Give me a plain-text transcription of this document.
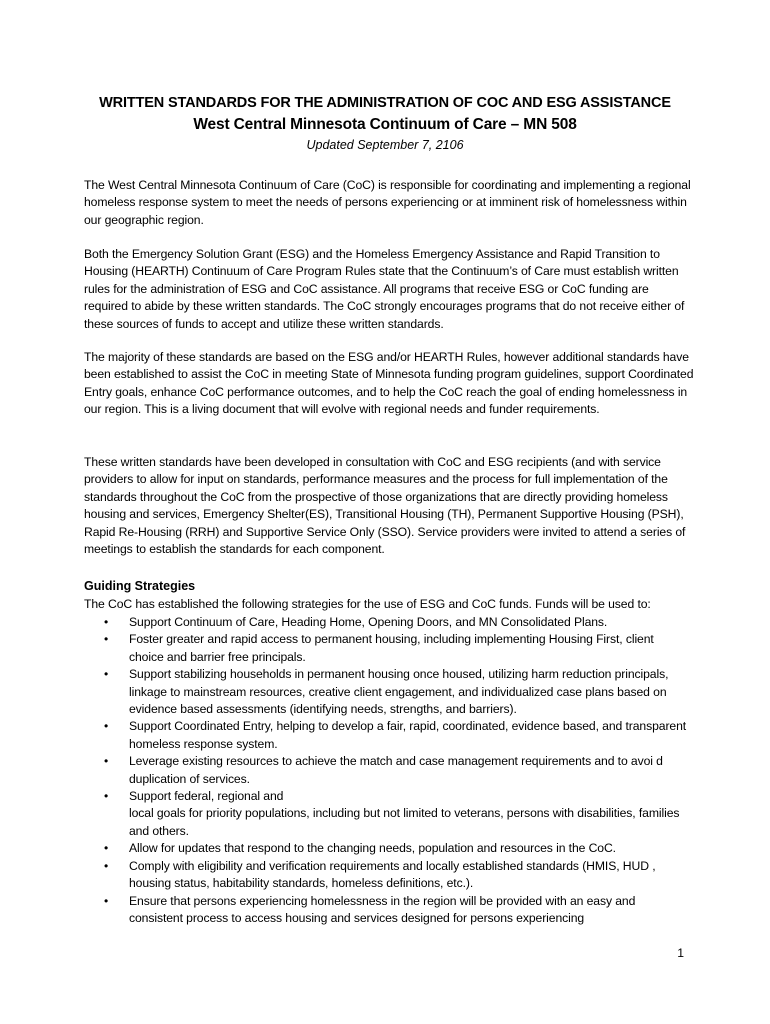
WRITTEN STANDARDS FOR THE ADMINISTRATION OF COC AND ESG ASSISTANCE
West Central Minnesota Continuum of Care – MN 508
Updated September 7, 2106
The West Central Minnesota Continuum of Care (CoC) is responsible for coordinating and implementing a regional homeless response system to meet the needs of persons experiencing or at imminent risk of homelessness within our geographic region.
Both the Emergency Solution Grant (ESG) and the Homeless Emergency Assistance and Rapid Transition to Housing (HEARTH) Continuum of Care Program Rules state that the Continuum’s of Care must establish written rules for the administration of ESG and CoC assistance. All programs that receive ESG or CoC funding are required to abide by these written standards. The CoC strongly encourages programs that do not receive either of these sources of funds to accept and utilize these written standards.
The majority of these standards are based on the ESG and/or HEARTH Rules, however additional standards have been established to assist the CoC in meeting State of Minnesota funding program guidelines, support Coordinated Entry goals, enhance CoC performance outcomes, and to help the CoC reach the goal of ending homelessness in our region. This is a living document that will evolve with regional needs and funder requirements.
These written standards have been developed in consultation with CoC and ESG recipients (and with service providers to allow for input on standards, performance measures and the process for full implementation of the standards throughout the CoC from the prospective of those organizations that are directly providing homeless housing and services, Emergency Shelter(ES), Transitional Housing (TH), Permanent Supportive Housing (PSH), Rapid Re-Housing (RRH) and Supportive Service Only (SSO). Service providers were invited to attend a series of meetings to establish the standards for each component.
Guiding Strategies
The CoC has established the following strategies for the use of ESG and CoC funds. Funds will be used to:
• Support Continuum of Care, Heading Home, Opening Doors, and MN Consolidated Plans.
• Foster greater and rapid access to permanent housing, including implementing Housing First, client choice and barrier free principals.
• Support stabilizing households in permanent housing once housed, utilizing harm reduction principals, linkage to mainstream resources, creative client engagement, and individualized case plans based on evidence based assessments (identifying needs, strengths, and barriers).
• Support Coordinated Entry, helping to develop a fair, rapid, coordinated, evidence based, and transparent homeless response system.
• Leverage existing resources to achieve the match and case management requirements and to avoi d duplication of services.
• Support federal, regional and
local goals for priority populations, including but not limited to veterans, persons with disabilities, families and others.
• Allow for updates that respond to the changing needs, population and resources in the CoC.
• Comply with eligibility and verification requirements and locally established standards (HMIS, HUD , housing status, habitability standards, homeless definitions, etc.).
• Ensure that persons experiencing homelessness in the region will be provided with an easy and consistent process to access housing and services designed for persons experiencing
1
